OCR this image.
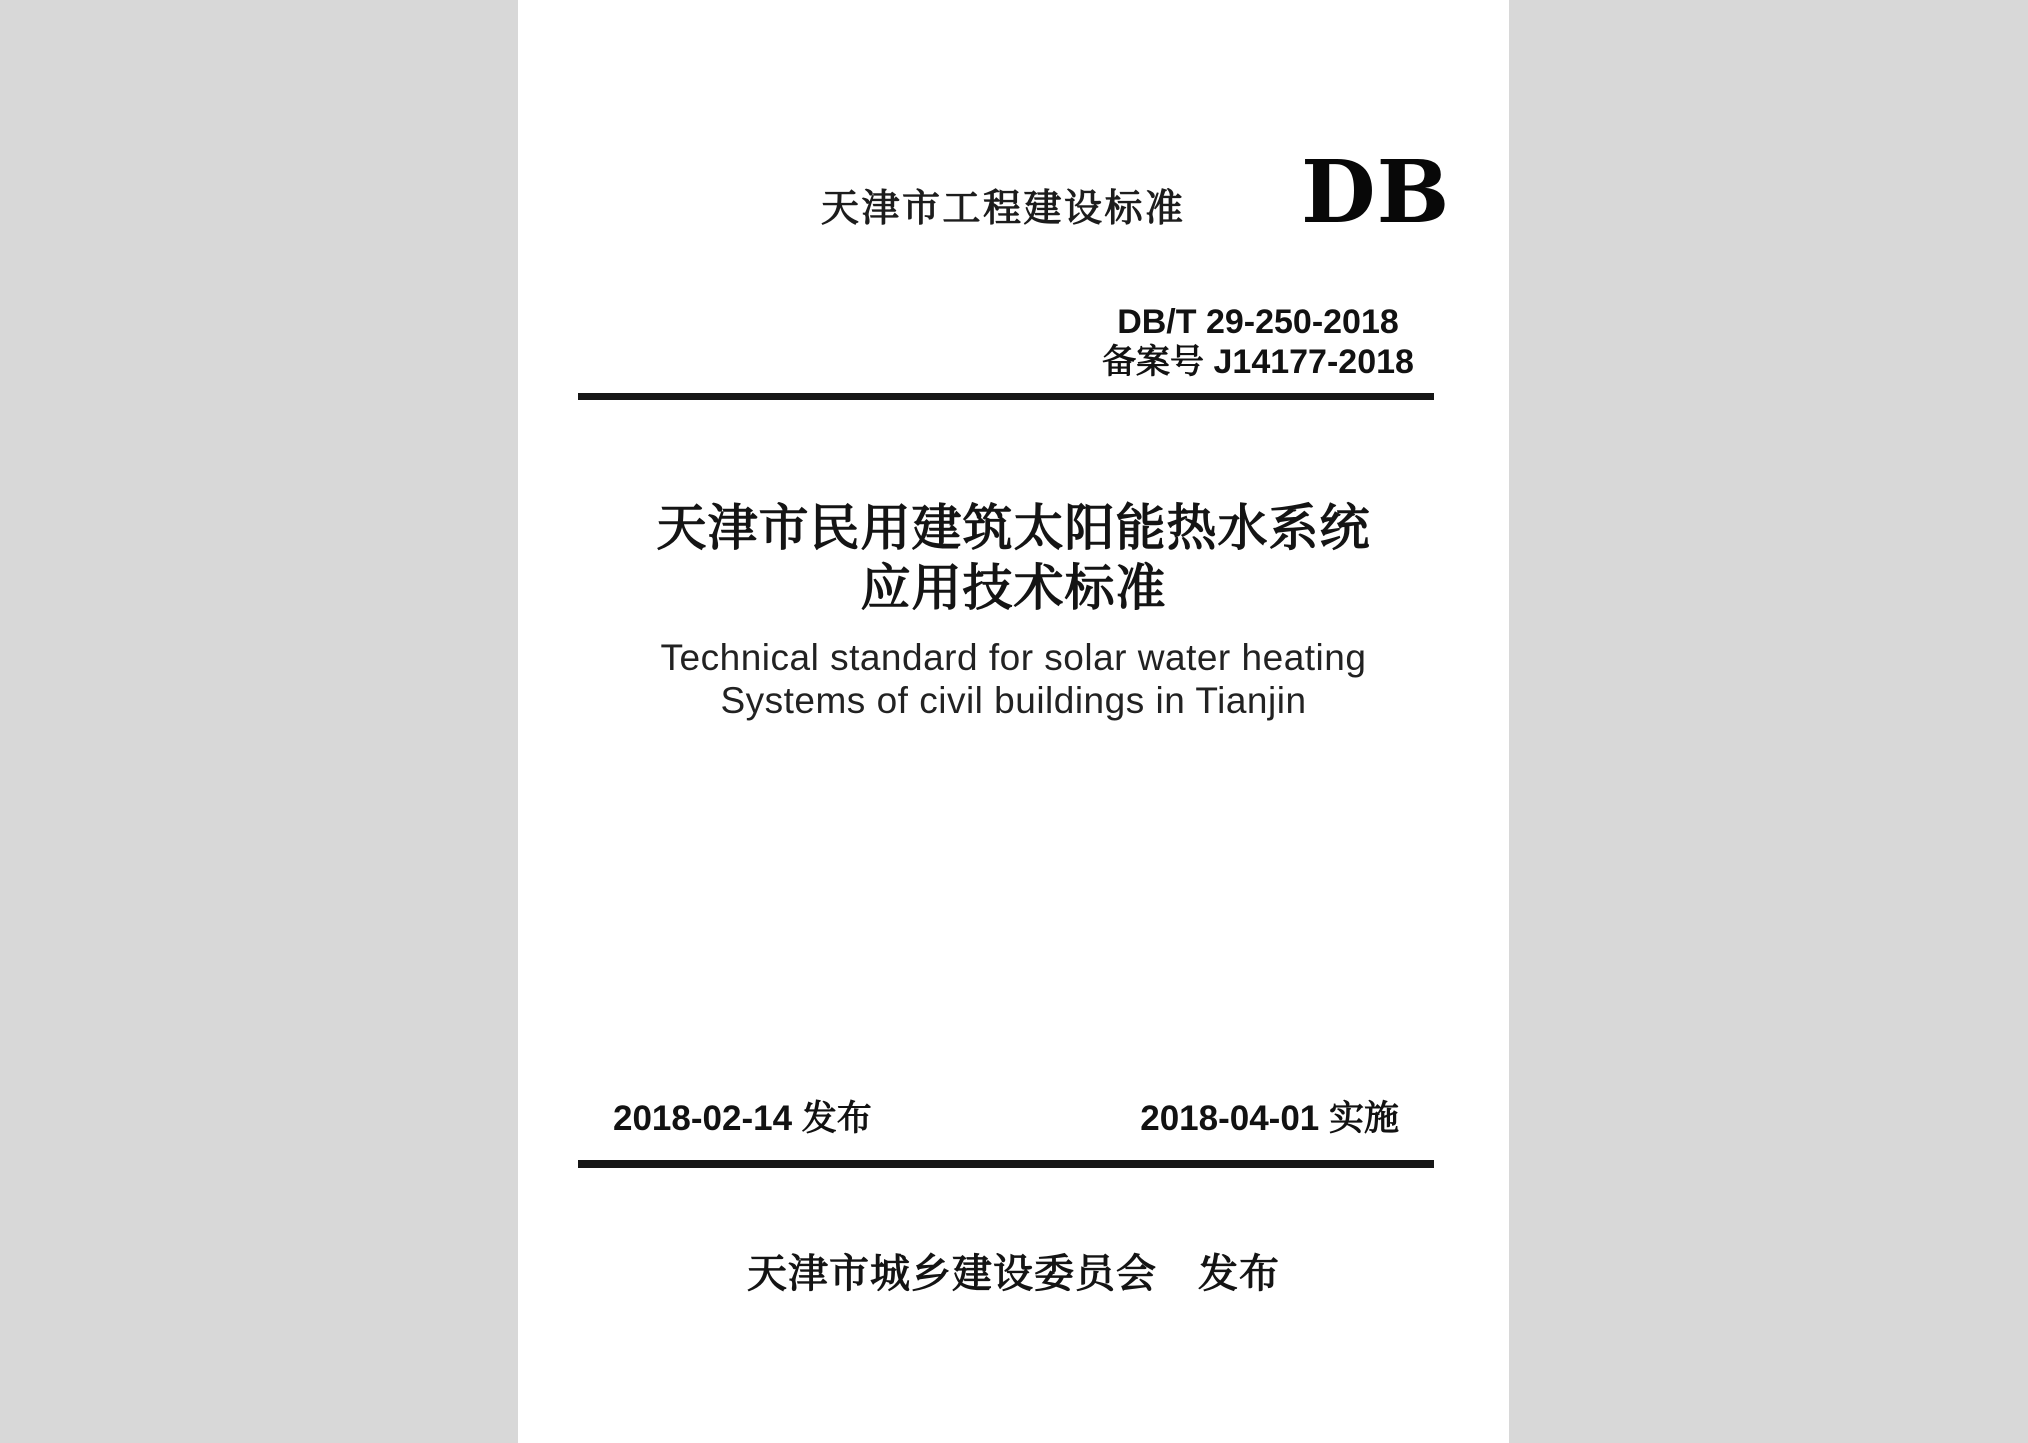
天津市工程建设标准 DB
DB/T 29-250-2018
备案号 J14177-2018
天津市民用建筑太阳能热水系统
应用技术标准
Technical standard for solar water heating
Systems of civil buildings in Tianjin
2018-02-14 发布	2018-04-01 实施
天津市城乡建设委员会　发布
